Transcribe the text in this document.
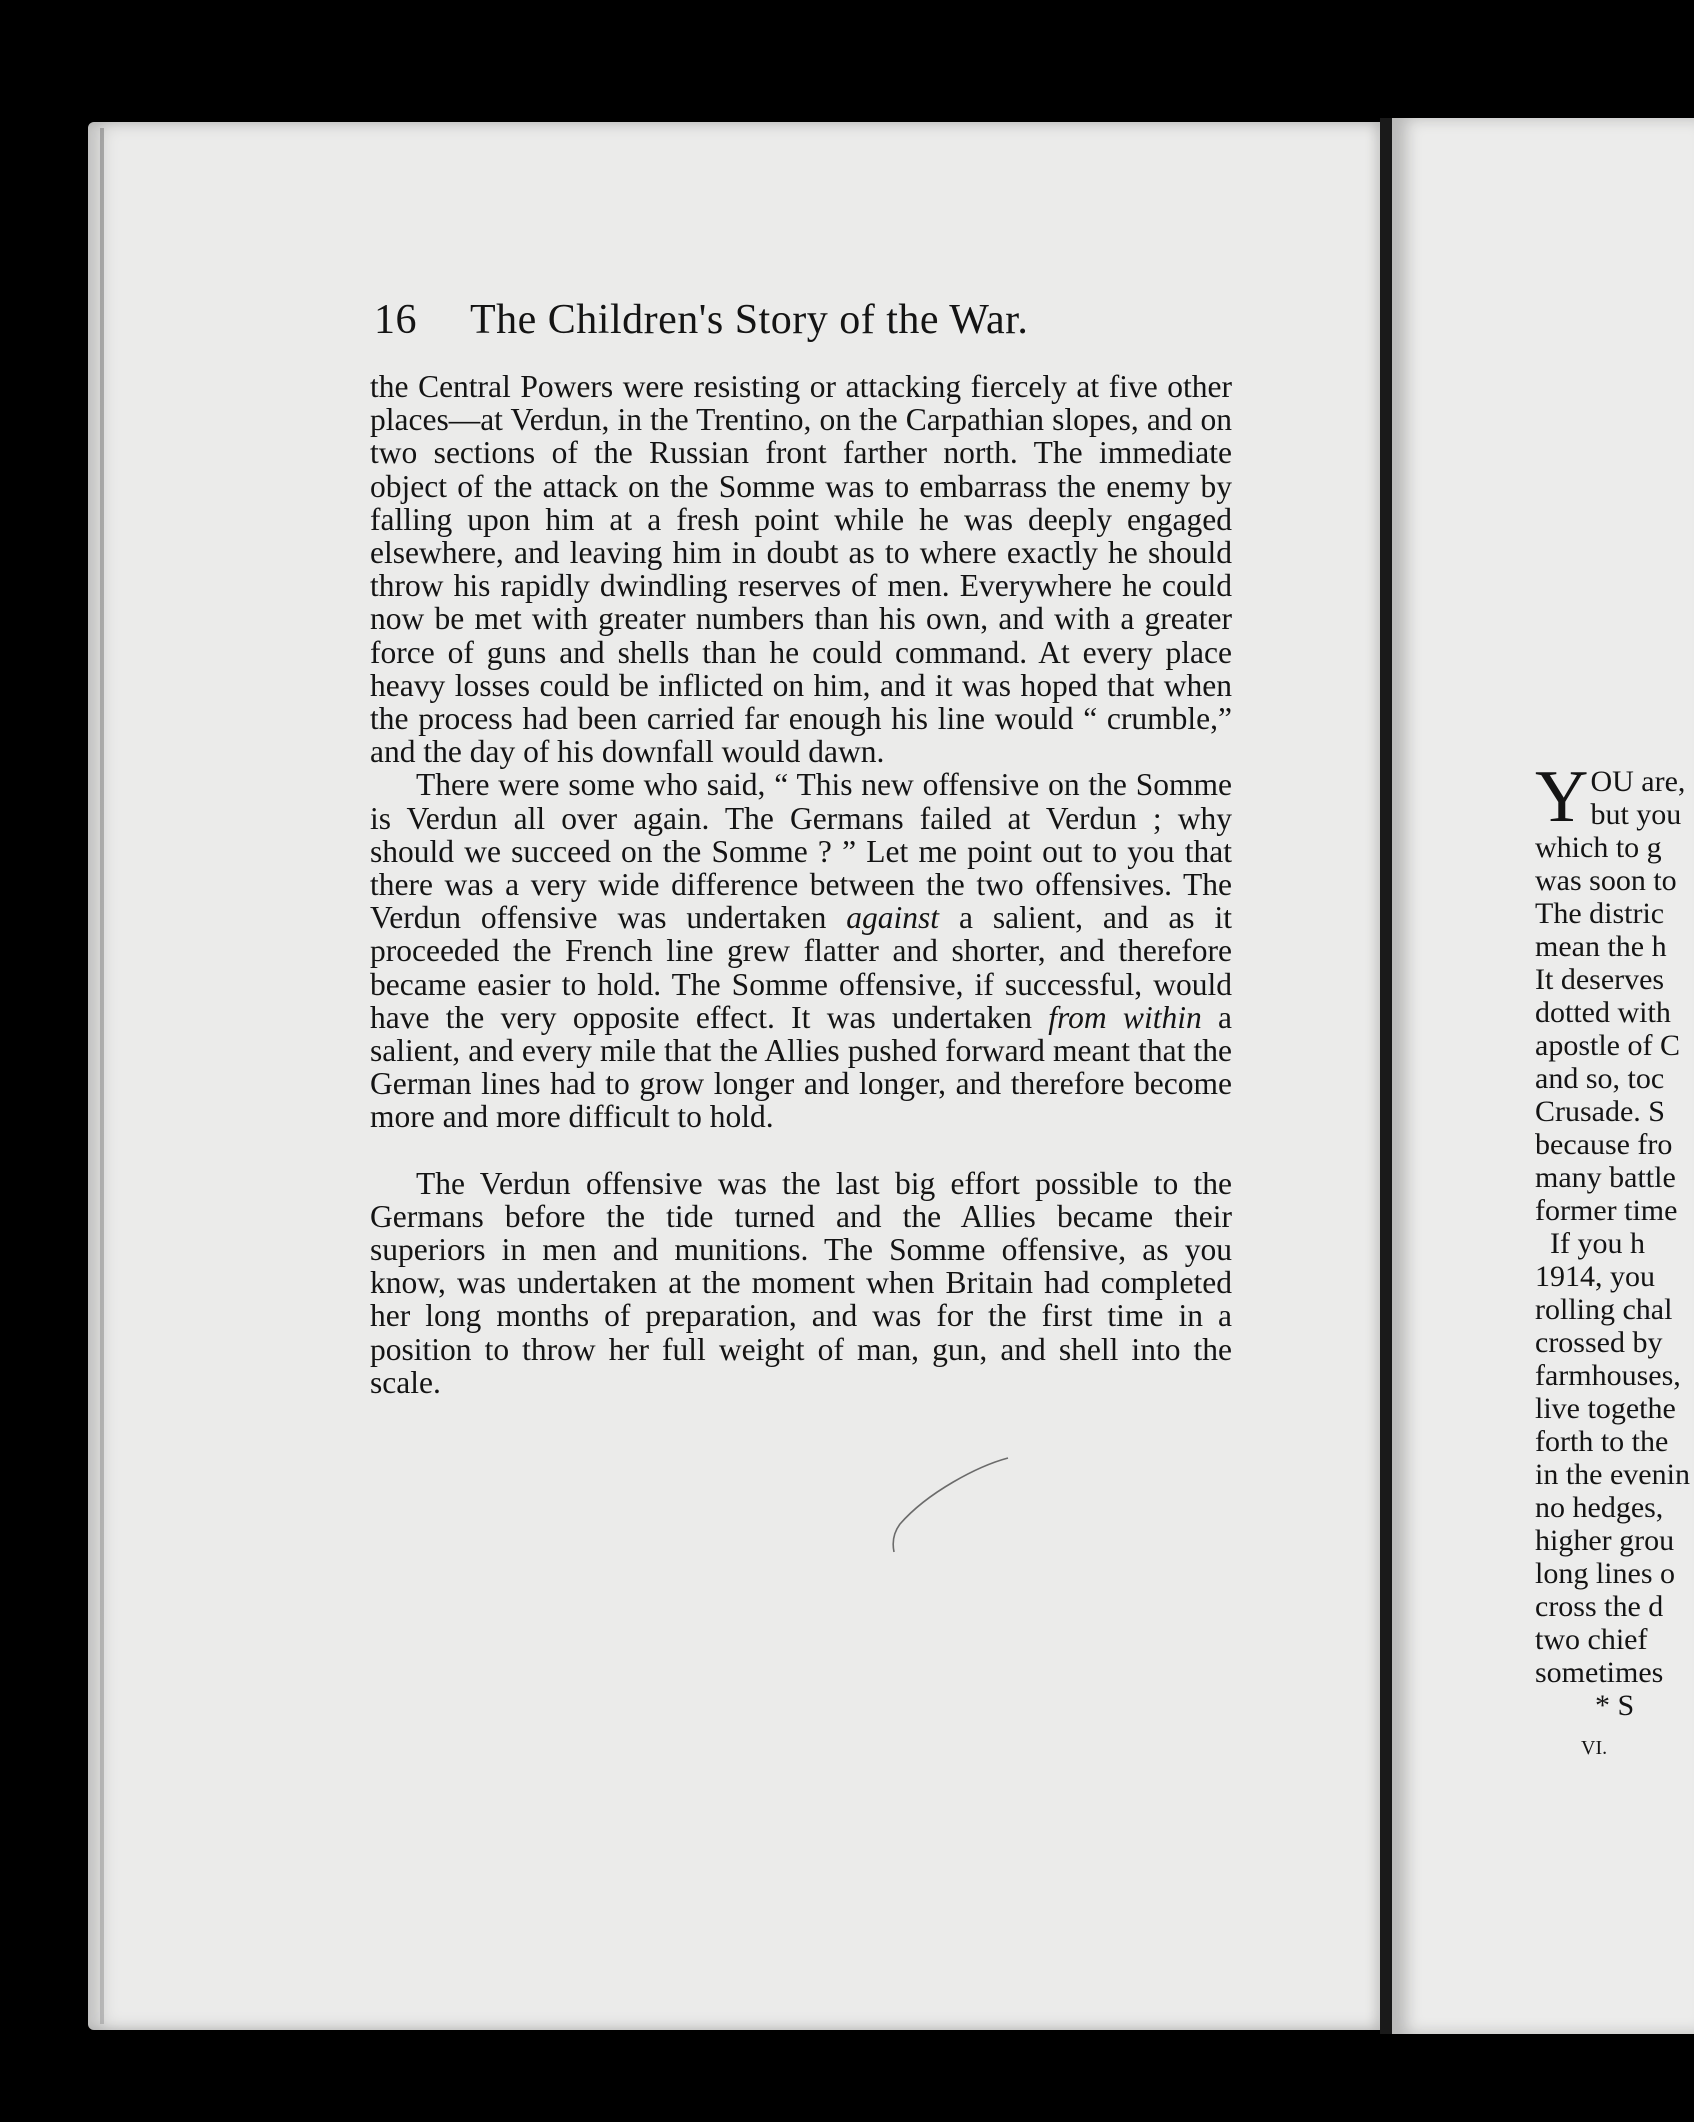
16 The Children's Story of the War.

the Central Powers were resisting or attacking fiercely at five other places—at Verdun, in the Trentino, on the Carpathian slopes, and on two sections of the Russian front farther north. The immediate object of the attack on the Somme was to embarrass the enemy by falling upon him at a fresh point while he was deeply engaged elsewhere, and leaving him in doubt as to where exactly he should throw his rapidly dwindling reserves of men. Everywhere he could now be met with greater numbers than his own, and with a greater force of guns and shells than he could command. At every place heavy losses could be inflicted on him, and it was hoped that when the process had been carried far enough his line would “ crumble,” and the day of his downfall would dawn.

There were some who said, “ This new offensive on the Somme is Verdun all over again. The Germans failed at Verdun ; why should we succeed on the Somme ? ” Let me point out to you that there was a very wide difference between the two offensives. The Verdun offensive was undertaken against a salient, and as it proceeded the French line grew flatter and shorter, and therefore became easier to hold. The Somme offensive, if successful, would have the very opposite effect. It was undertaken from within a salient, and every mile that the Allies pushed forward meant that the German lines had to grow longer and longer, and therefore become more and more difficult to hold.

The Verdun offensive was the last big effort possible to the Germans before the tide turned and the Allies became their superiors in men and munitions. The Somme offensive, as you know, was undertaken at the moment when Britain had completed her long months of preparation, and was for the first time in a position to throw her full weight of man, gun, and shell into the scale.

YOU are,
but you
which to g
was soon to
The distric
mean the h
It deserves
dotted with
apostle of C
and so, toc
Crusade. S
because fro
many battle
former time
If you h
1914, you
rolling chal
crossed by
farmhouses,
live togethe
forth to the
in the evenin
no hedges,
higher grou
long lines o
cross the d
two chief
sometimes
* S
VI.
